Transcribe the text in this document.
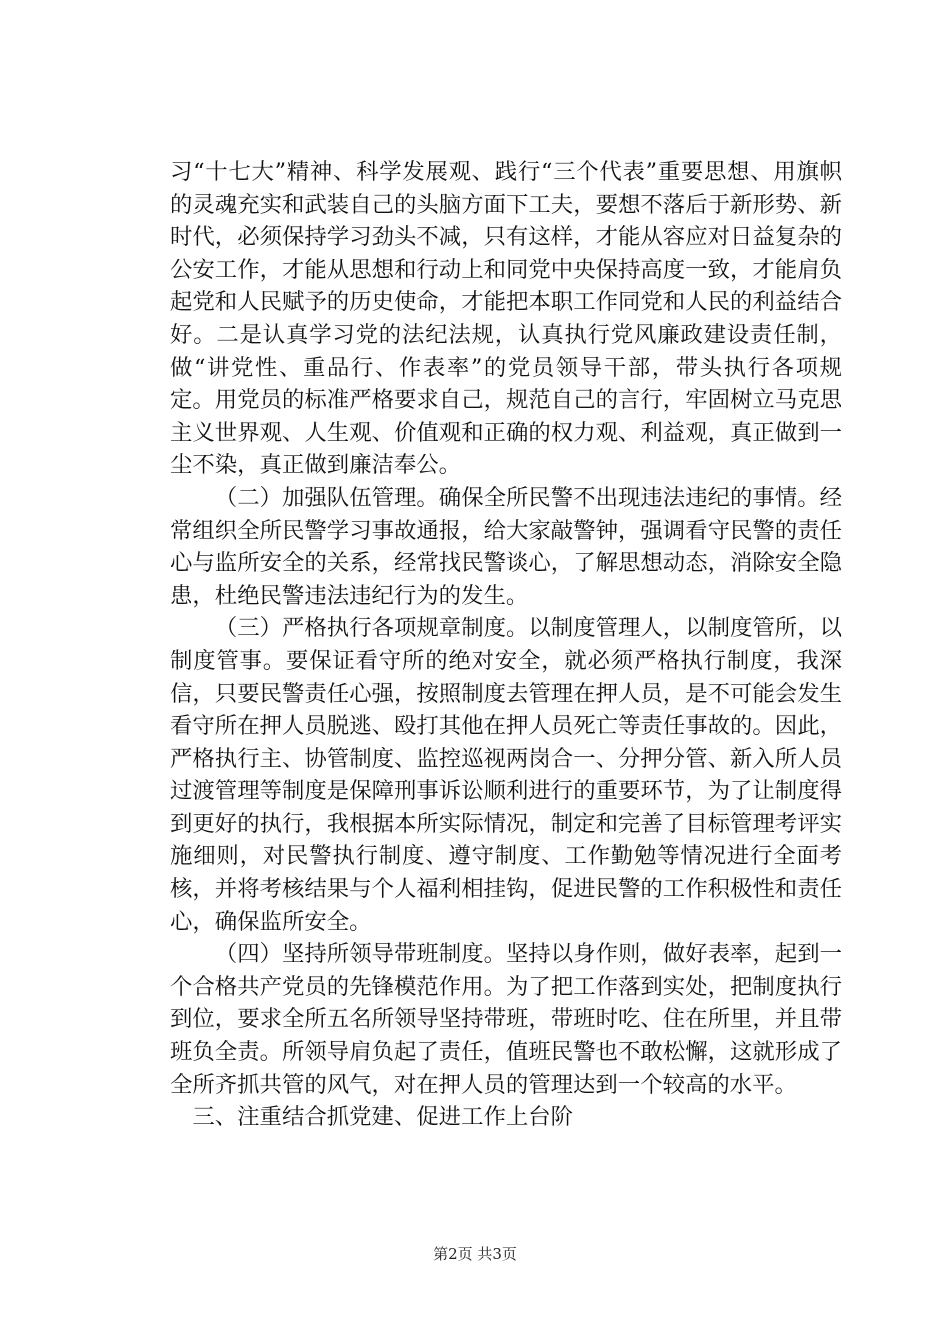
习“十七大”精神、科学发展观、践行“三个代表”重要思想、用旗帜的灵魂充实和武装自己的头脑方面下工夫，要想不落后于新形势、新时代，必须保持学习劲头不减，只有这样，才能从容应对日益复杂的公安工作，才能从思想和行动上和同党中央保持高度一致，才能肩负起党和人民赋予的历史使命，才能把本职工作同党和人民的利益结合好。二是认真学习党的法纪法规，认真执行党风廉政建设责任制，做“讲党性、重品行、作表率”的党员领导干部，带头执行各项规定。用党员的标准严格要求自己，规范自己的言行，牢固树立马克思主义世界观、人生观、价值观和正确的权力观、利益观，真正做到一尘不染，真正做到廉洁奉公。

（二）加强队伍管理。确保全所民警不出现违法违纪的事情。经常组织全所民警学习事故通报，给大家敲警钟，强调看守民警的责任心与监所安全的关系，经常找民警谈心，了解思想动态，消除安全隐患，杜绝民警违法违纪行为的发生。

（三）严格执行各项规章制度。以制度管理人，以制度管所，以制度管事。要保证看守所的绝对安全，就必须严格执行制度，我深信，只要民警责任心强，按照制度去管理在押人员，是不可能会发生看守所在押人员脱逃、殴打其他在押人员死亡等责任事故的。因此，严格执行主、协管制度、监控巡视两岗合一、分押分管、新入所人员过渡管理等制度是保障刑事诉讼顺利进行的重要环节，为了让制度得到更好的执行，我根据本所实际情况，制定和完善了目标管理考评实施细则，对民警执行制度、遵守制度、工作勤勉等情况进行全面考核，并将考核结果与个人福利相挂钩，促进民警的工作积极性和责任心，确保监所安全。

（四）坚持所领导带班制度。坚持以身作则，做好表率，起到一个合格共产党员的先锋模范作用。为了把工作落到实处，把制度执行到位，要求全所五名所领导坚持带班，带班时吃、住在所里，并且带班负全责。所领导肩负起了责任，值班民警也不敢松懈，这就形成了全所齐抓共管的风气，对在押人员的管理达到一个较高的水平。

三、注重结合抓党建、促进工作上台阶

第2页 共3页
